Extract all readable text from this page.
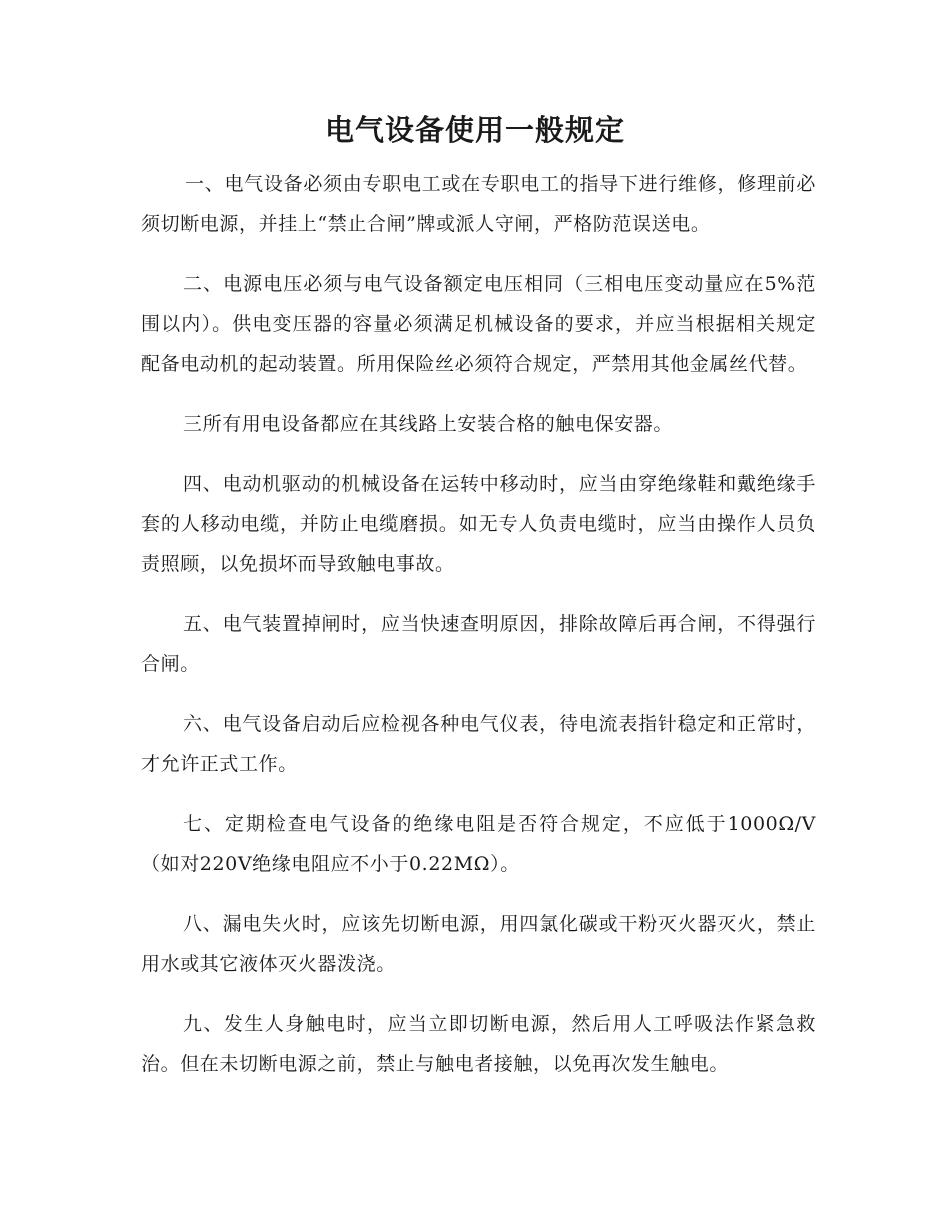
电气设备使用一般规定

一、电气设备必须由专职电工或在专职电工的指导下进行维修，修理前必须切断电源，并挂上“禁止合闸”牌或派人守闸，严格防范误送电。

二、电源电压必须与电气设备额定电压相同（三相电压变动量应在5%范围以内）。供电变压器的容量必须满足机械设备的要求，并应当根据相关规定配备电动机的起动装置。所用保险丝必须符合规定，严禁用其他金属丝代替。

三所有用电设备都应在其线路上安装合格的触电保安器。

四、电动机驱动的机械设备在运转中移动时，应当由穿绝缘鞋和戴绝缘手套的人移动电缆，并防止电缆磨损。如无专人负责电缆时，应当由操作人员负责照顾，以免损坏而导致触电事故。

五、电气装置掉闸时，应当快速查明原因，排除故障后再合闸，不得强行合闸。

六、电气设备启动后应检视各种电气仪表，待电流表指针稳定和正常时，才允许正式工作。

七、定期检查电气设备的绝缘电阻是否符合规定，不应低于1000Ω/V（如对220V绝缘电阻应不小于0.22MΩ）。

八、漏电失火时，应该先切断电源，用四氯化碳或干粉灭火器灭火，禁止用水或其它液体灭火器泼浇。

九、发生人身触电时，应当立即切断电源，然后用人工呼吸法作紧急救治。但在未切断电源之前，禁止与触电者接触，以免再次发生触电。
